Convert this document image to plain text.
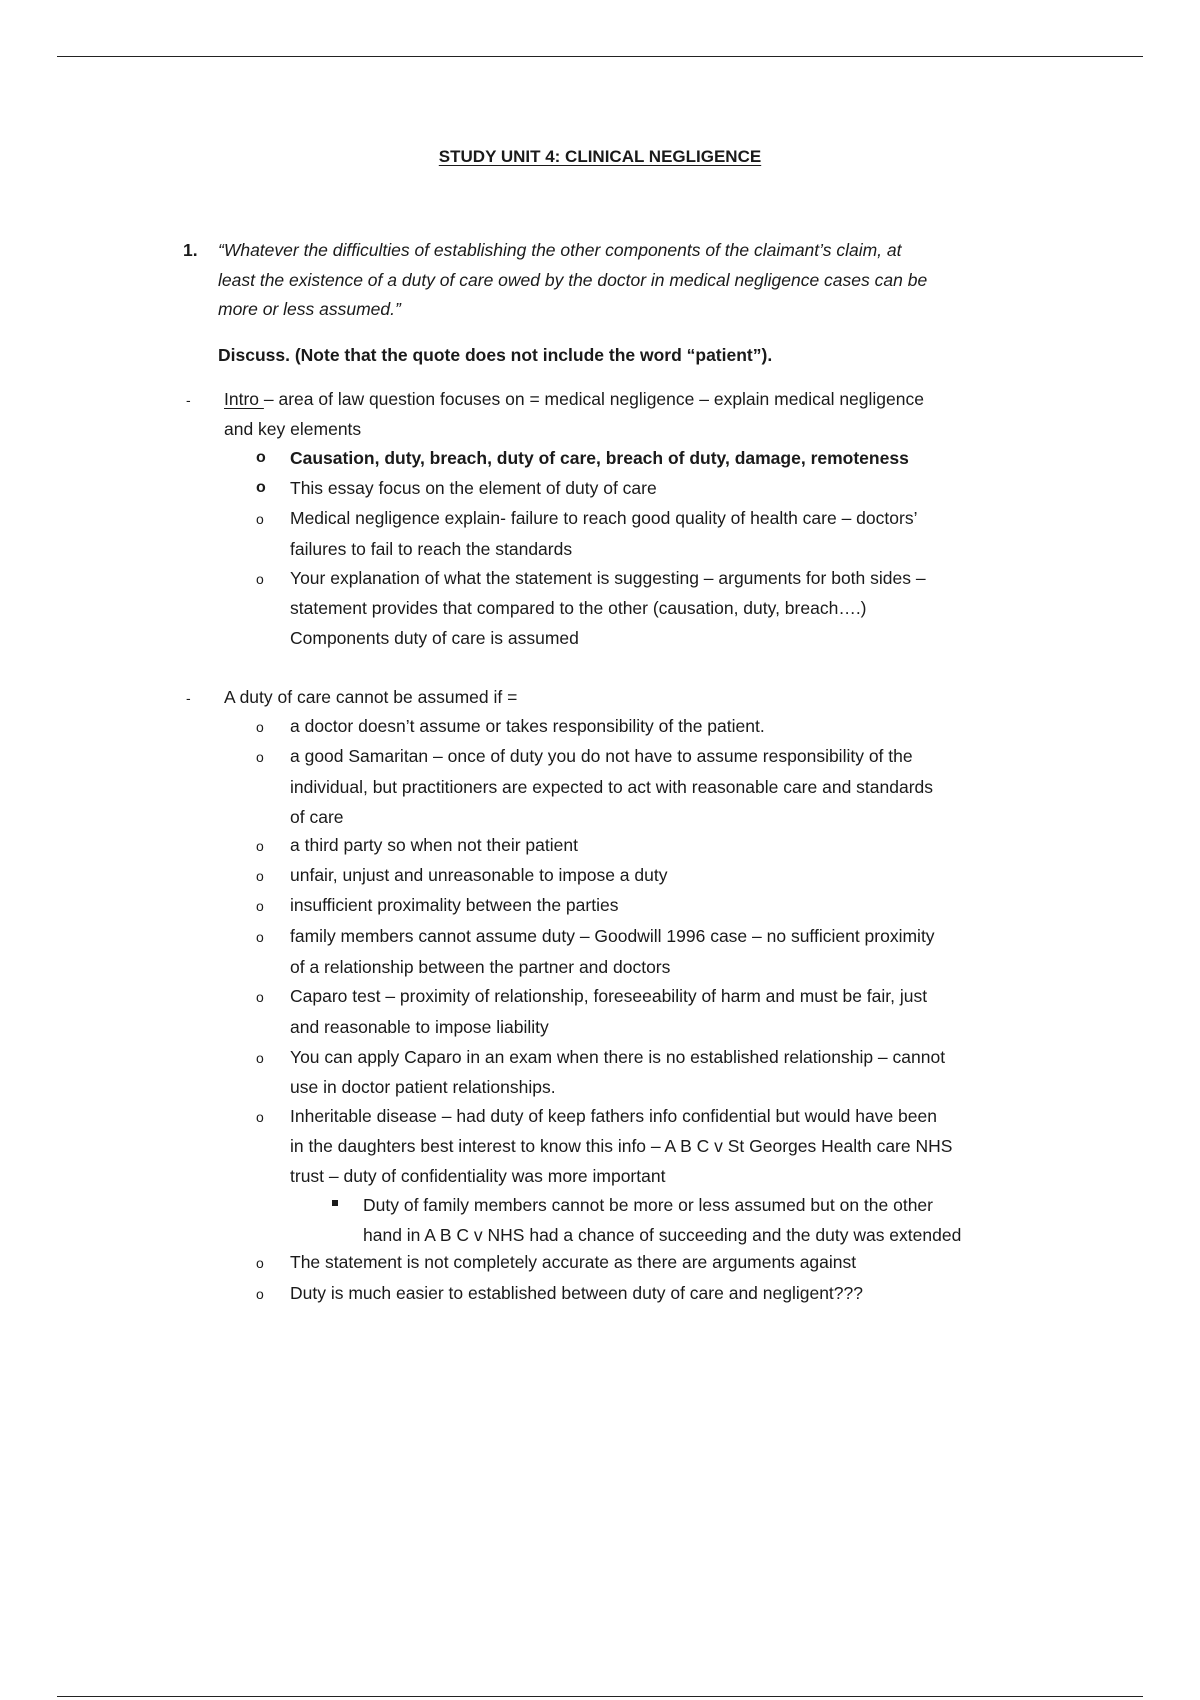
STUDY UNIT 4: CLINICAL NEGLIGENCE
1. “Whatever the difficulties of establishing the other components of the claimant’s claim, at
least the existence of a duty of care owed by the doctor in medical negligence cases can be
more or less assumed.”
Discuss. (Note that the quote does not include the word “patient”).
- Intro – area of law question focuses on = medical negligence – explain medical negligence
and key elements
o Causation, duty, breach, duty of care, breach of duty, damage, remoteness
o This essay focus on the element of duty of care
o Medical negligence explain- failure to reach good quality of health care – doctors’
failures to fail to reach the standards
o Your explanation of what the statement is suggesting – arguments for both sides –
statement provides that compared to the other (causation, duty, breach….)
Components duty of care is assumed
- A duty of care cannot be assumed if =
o a doctor doesn’t assume or takes responsibility of the patient.
o a good Samaritan – once of duty you do not have to assume responsibility of the
individual, but practitioners are expected to act with reasonable care and standards
of care
o a third party so when not their patient
o unfair, unjust and unreasonable to impose a duty
o insufficient proximality between the parties
o family members cannot assume duty – Goodwill 1996 case – no sufficient proximity
of a relationship between the partner and doctors
o Caparo test – proximity of relationship, foreseeability of harm and must be fair, just
and reasonable to impose liability
o You can apply Caparo in an exam when there is no established relationship – cannot
use in doctor patient relationships.
o Inheritable disease – had duty of keep fathers info confidential but would have been
in the daughters best interest to know this info – A B C v St Georges Health care NHS
trust – duty of confidentiality was more important
Duty of family members cannot be more or less assumed but on the other
hand in A B C v NHS had a chance of succeeding and the duty was extended
o The statement is not completely accurate as there are arguments against
o Duty is much easier to established between duty of care and negligent???
